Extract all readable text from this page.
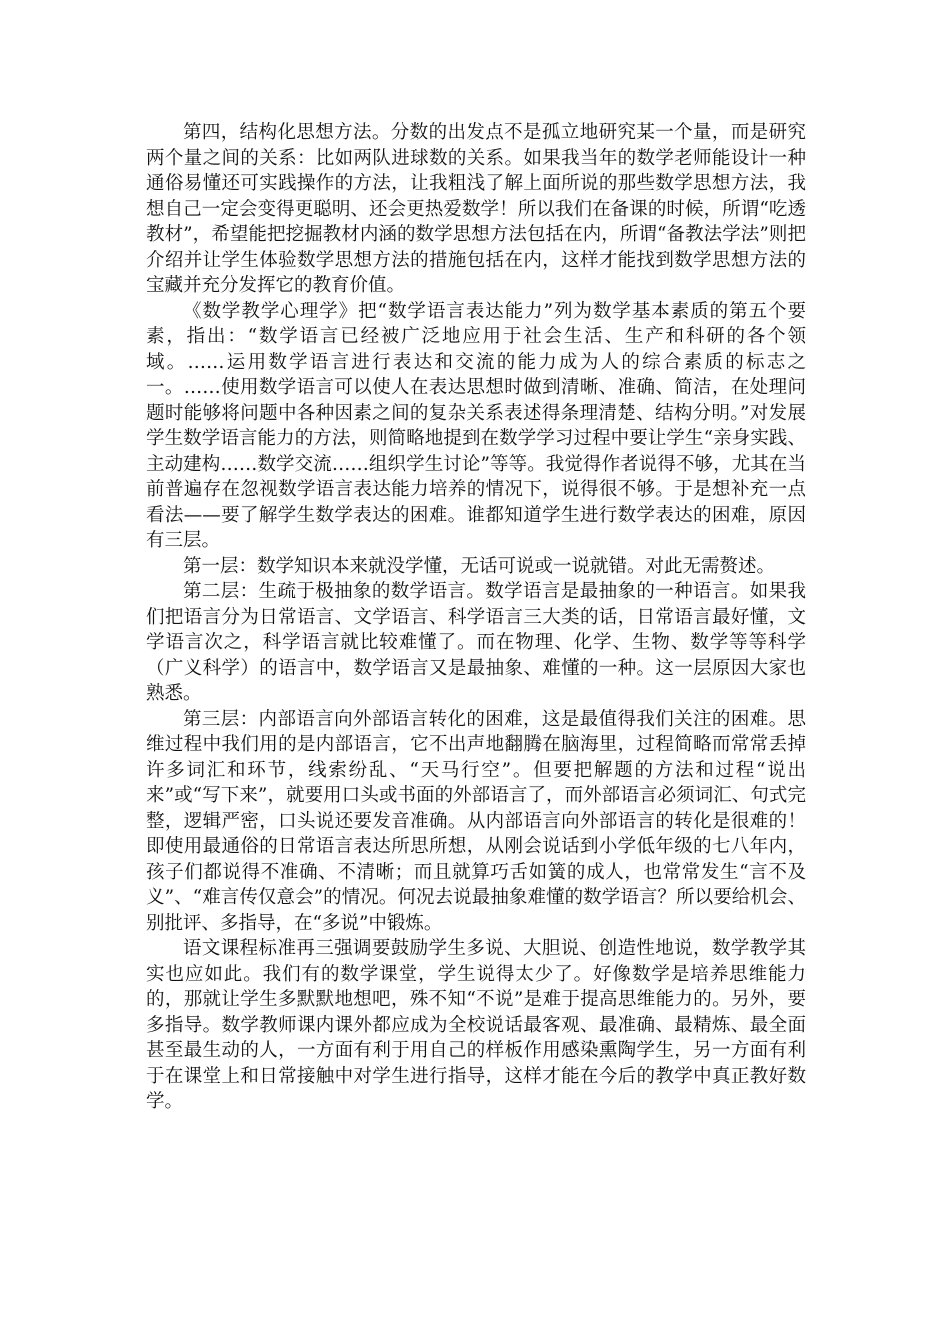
第四，结构化思想方法。分数的出发点不是孤立地研究某一个量，而是研究两个量之间的关系：比如两队进球数的关系。如果我当年的数学老师能设计一种通俗易懂还可实践操作的方法，让我粗浅了解上面所说的那些数学思想方法，我想自己一定会变得更聪明、还会更热爱数学！所以我们在备课的时候，所谓“吃透教材”，希望能把挖掘教材内涵的数学思想方法包括在内，所谓“备教法学法”则把介绍并让学生体验数学思想方法的措施包括在内，这样才能找到数学思想方法的宝藏并充分发挥它的教育价值。

《数学教学心理学》把“数学语言表达能力”列为数学基本素质的第五个要素，指出：“数学语言已经被广泛地应用于社会生活、生产和科研的各个领域。……运用数学语言进行表达和交流的能力成为人的综合素质的标志之一。……使用数学语言可以使人在表达思想时做到清晰、准确、简洁，在处理问题时能够将问题中各种因素之间的复杂关系表述得条理清楚、结构分明。”对发展学生数学语言能力的方法，则简略地提到在数学学习过程中要让学生“亲身实践、主动建构……数学交流……组织学生讨论”等等。我觉得作者说得不够，尤其在当前普遍存在忽视数学语言表达能力培养的情况下，说得很不够。于是想补充一点看法——要了解学生数学表达的困难。谁都知道学生进行数学表达的困难，原因有三层。

第一层：数学知识本来就没学懂，无话可说或一说就错。对此无需赘述。

第二层：生疏于极抽象的数学语言。数学语言是最抽象的一种语言。如果我们把语言分为日常语言、文学语言、科学语言三大类的话，日常语言最好懂，文学语言次之，科学语言就比较难懂了。而在物理、化学、生物、数学等等科学（广义科学）的语言中，数学语言又是最抽象、难懂的一种。这一层原因大家也熟悉。

第三层：内部语言向外部语言转化的困难，这是最值得我们关注的困难。思维过程中我们用的是内部语言，它不出声地翻腾在脑海里，过程简略而常常丢掉许多词汇和环节，线索纷乱、“天马行空”。但要把解题的方法和过程“说出来”或“写下来”，就要用口头或书面的外部语言了，而外部语言必须词汇、句式完整，逻辑严密，口头说还要发音准确。从内部语言向外部语言的转化是很难的！即使用最通俗的日常语言表达所思所想，从刚会说话到小学低年级的七八年内，孩子们都说得不准确、不清晰；而且就算巧舌如簧的成人，也常常发生“言不及义”、“难言传仅意会”的情况。何况去说最抽象难懂的数学语言？所以要给机会、别批评、多指导，在“多说”中锻炼。

语文课程标准再三强调要鼓励学生多说、大胆说、创造性地说，数学教学其实也应如此。我们有的数学课堂，学生说得太少了。好像数学是培养思维能力的，那就让学生多默默地想吧，殊不知“不说”是难于提高思维能力的。另外，要多指导。数学教师课内课外都应成为全校说话最客观、最准确、最精炼、最全面甚至最生动的人，一方面有利于用自己的样板作用感染熏陶学生，另一方面有利于在课堂上和日常接触中对学生进行指导，这样才能在今后的教学中真正教好数学。
